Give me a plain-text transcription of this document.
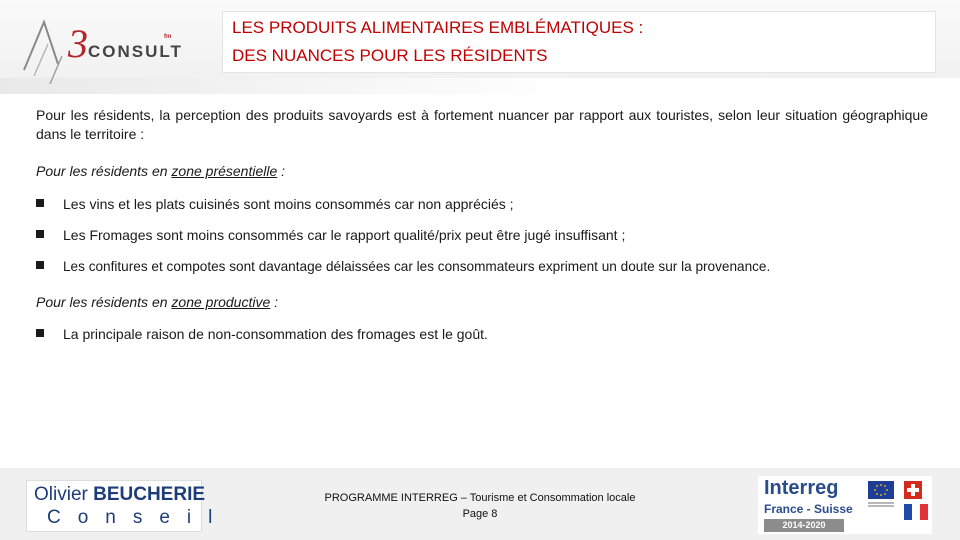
3 CONSULT
fm	LES PRODUITS ALIMENTAIRES EMBLÉMATIQUES :
DES NUANCES POUR LES RÉSIDENTS
Pour les résidents, la perception des produits savoyards est à fortement nuancer par rapport aux touristes, selon leur situation géographique dans le territoire :
Pour les résidents en zone présentielle :
Les vins et les plats cuisinés sont moins consommés car non appréciés ;
Les Fromages sont moins consommés car le rapport qualité/prix peut être jugé insuffisant ;
Les confitures et compotes sont davantage délaissées car les consommateurs expriment un doute sur la provenance.
Pour les résidents en zone productive :
La principale raison de non-consommation des fromages est le goût.
Olivier BEUCHERIE
Conseil
PROGRAMME INTERREG – Tourisme et Consommation locale
Page 8
Interreg
France - Suisse
2014-2020
